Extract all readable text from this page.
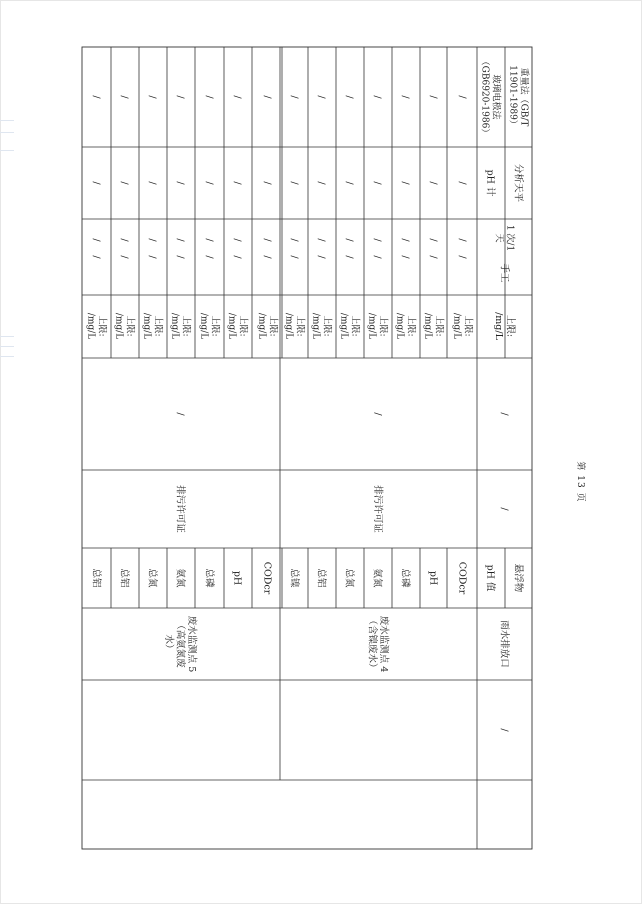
废水监测点 4（含镍废水）
排污许可证
/
CODcr
上限:/mg/L
/
/
/
/
pH
上限:/mg/L
/
/
/
/
总磷
上限:/mg/L
/
/
/
/
氨氮
上限:/mg/L
/
/
/
/
总氮
上限:/mg/L
/
/
/
/
总铝
上限:/mg/L
/
/
/
/
总镍
上限:/mg/L
/
/
/
/
废水监测点 5（高氨氮废水）
排污许可证
/
CODcr
上限:/mg/L
/
/
/
/
pH
上限:/mg/L
/
/
/
/
总磷
上限:/mg/L
/
/
/
/
氨氮
上限:/mg/L
/
/
/
/
总氮
上限:/mg/L
/
/
/
/
总铝
上限:/mg/L
/
/
/
/
总铝
上限:/mg/L
/
/
/
/
/
雨水排放口
悬浮物
pH 值
/
/
上限:/mg/L
手工
1 次/1天
分析天平
pH 计
重量法（GB/T11901-1989）
玻璃电极法（GB6920-1986）
第 13 页
